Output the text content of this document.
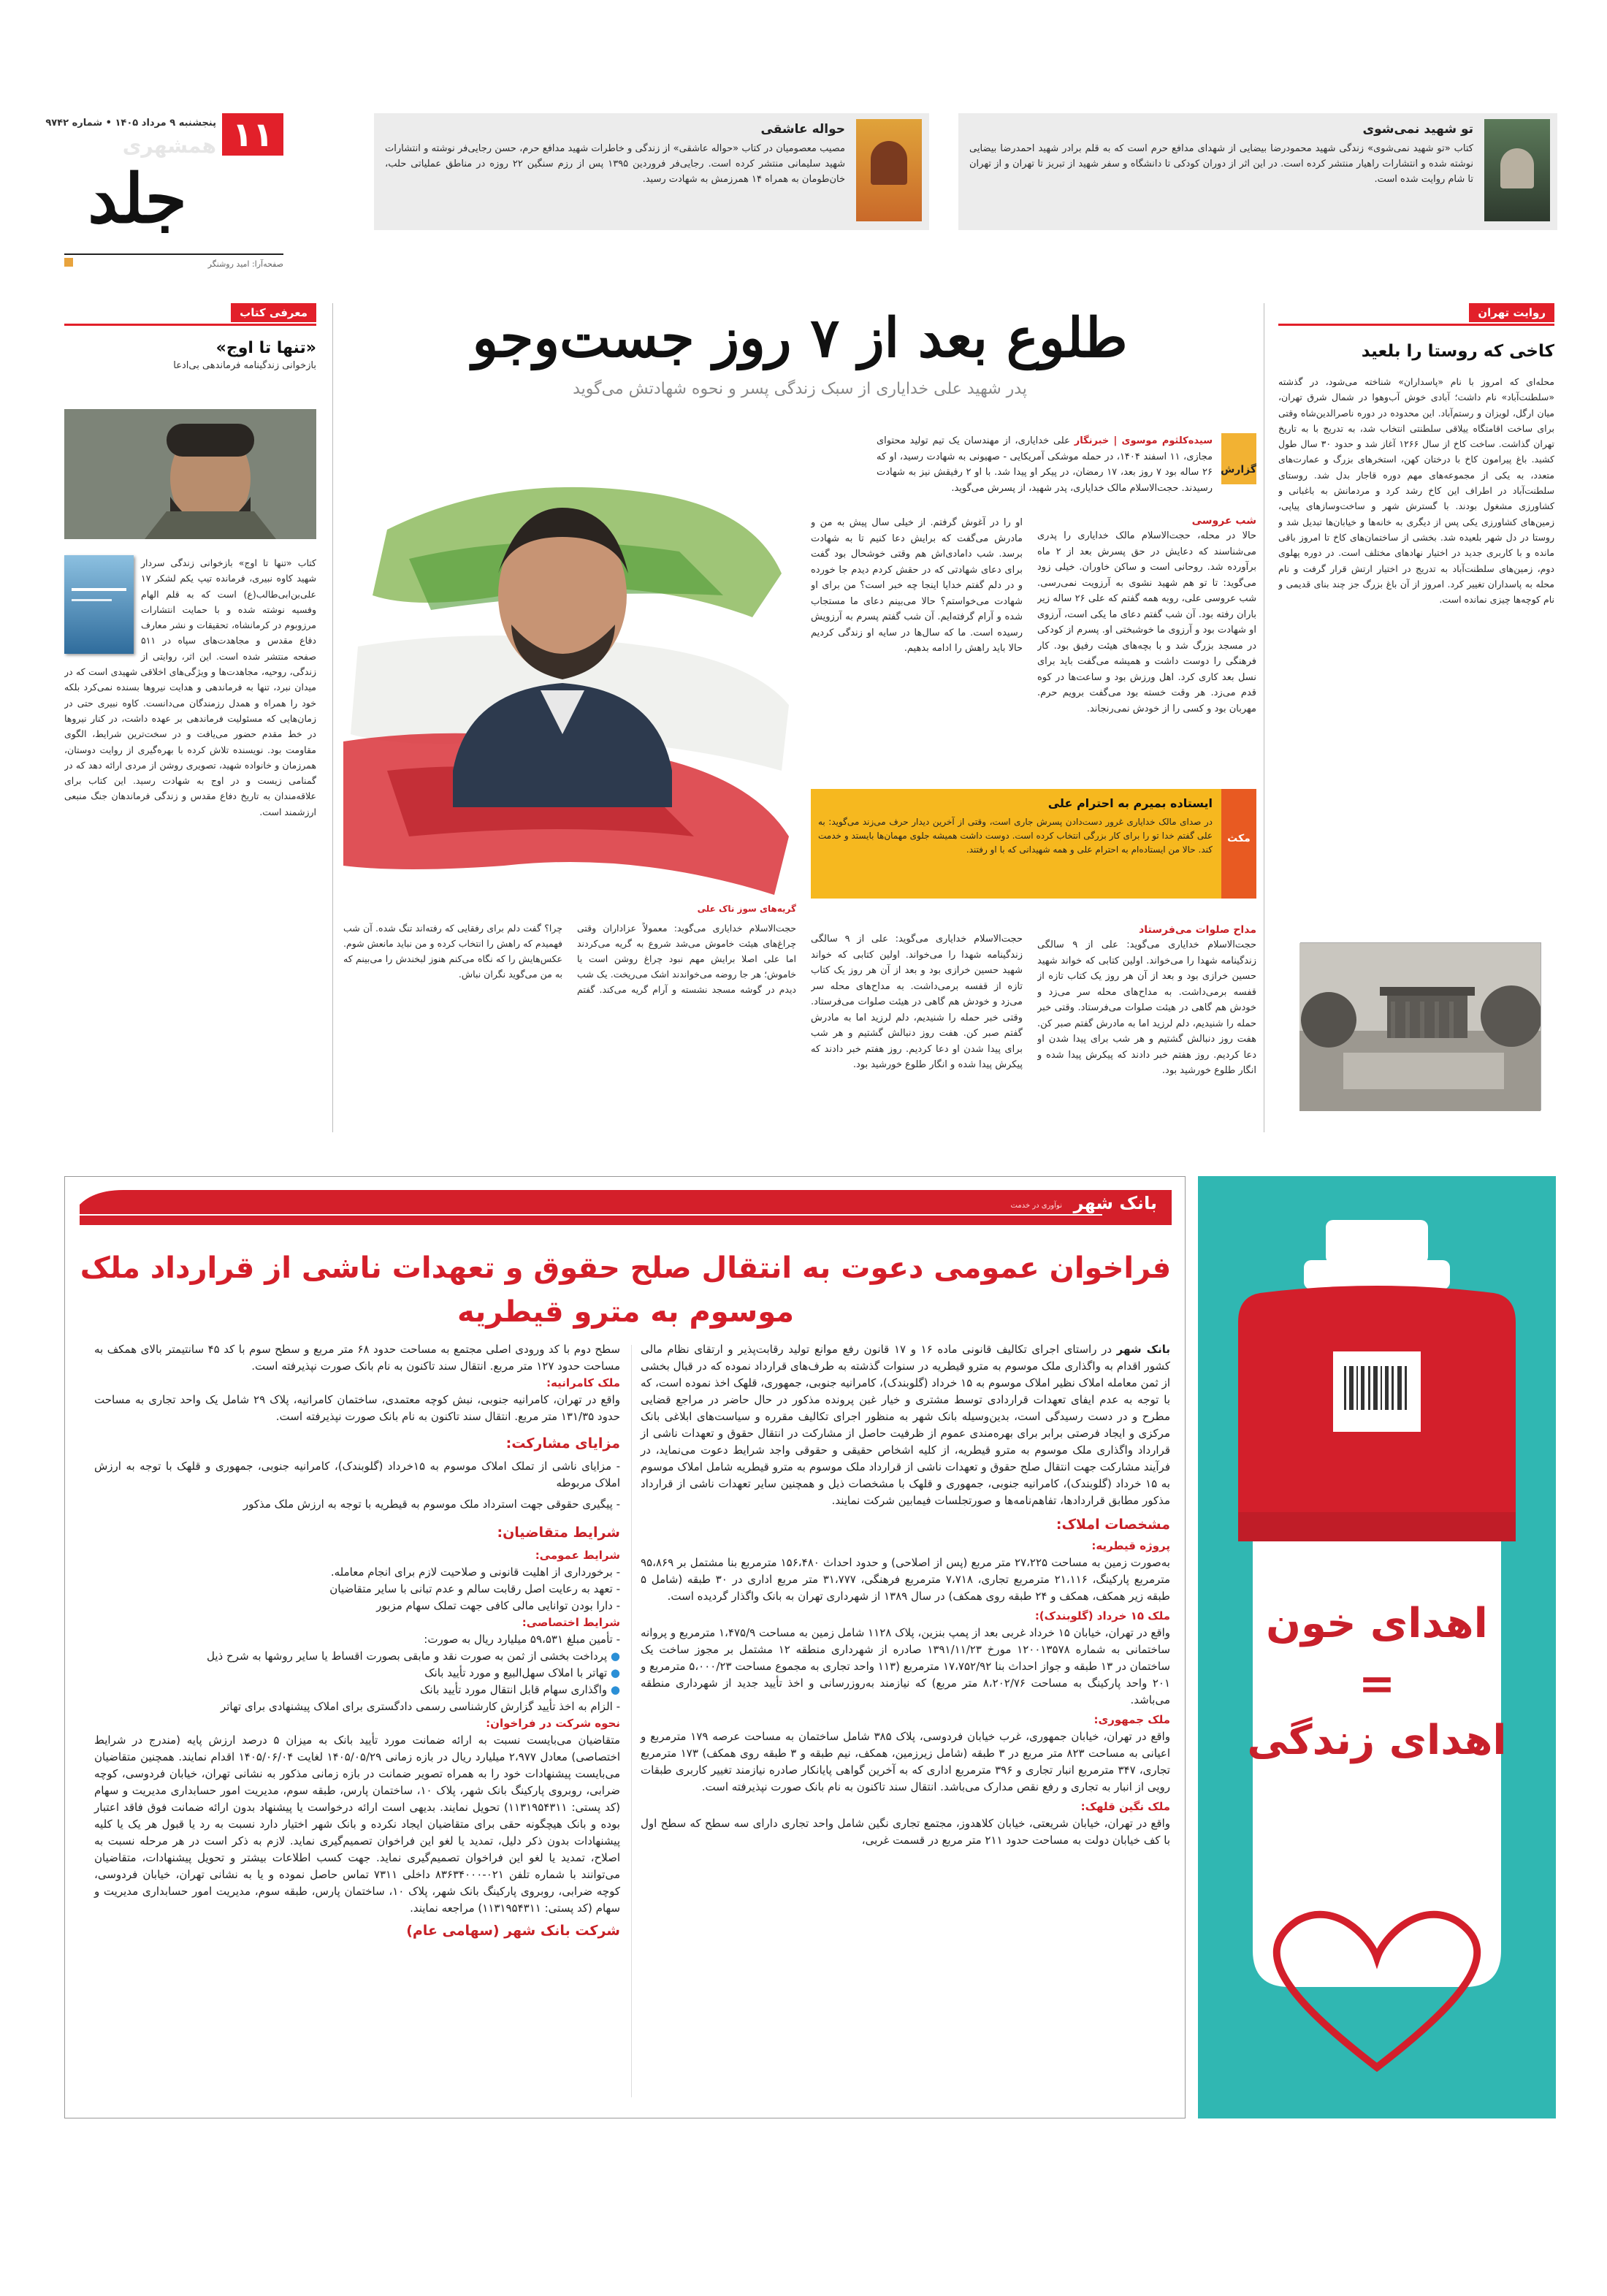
۱۱
پنجشنبه ۹ مرداد ۱۴۰۵ • شماره ۹۷۴۲
همشهری
جلد
صفحه‌آرا: امید روشنگر
حواله عاشقی
مصیب معصومیان در کتاب «حواله عاشقی» از زندگی و خاطرات شهید مدافع حرم، حسن رجایی‌فر نوشته و انتشارات شهید سلیمانی منتشر کرده است. رجایی‌فر فروردین ۱۳۹۵ پس از رزم سنگین ۲۲ روزه در مناطق عملیاتی حلب، خان‌طومان به همراه ۱۴ همرزمش به شهادت رسید.
تو شهید نمی‌شوی
کتاب «تو شهید نمی‌شوی» زندگی شهید محمودرضا بیضایی از شهدای مدافع حرم است که به قلم برادر شهید احمدرضا بیضایی نوشته شده و انتشارات راهیار منتشر کرده است. در این اثر از دوران کودکی تا دانشگاه و سفر شهید از تبریز تا تهران و از تهران تا شام روایت شده است.
روایت تهران
کاخی که روستا را بلعید
محله‌ای که امروز با نام «پاسداران» شناخته می‌شود، در گذشته «سلطنت‌آباد» نام داشت؛ آبادی خوش آب‌وهوا در شمال شرق تهران، میان ارگل، لویزان و رستم‌آباد. این محدوده در دوره ناصرالدین‌شاه وقتی برای ساخت اقامتگاه ییلاقی سلطنتی انتخاب شد، به تدریج با به تاریخ تهران گذاشت. ساخت کاخ از سال ۱۲۶۶ آغاز شد و حدود ۳۰ سال طول کشید. باغ پیرامون کاخ با درختان کهن، استخرهای بزرگ و عمارت‌های متعدد، به یکی از مجموعه‌های مهم دوره قاجار بدل شد. روستای سلطنت‌آباد در اطراف این کاخ رشد کرد و مردمانش به باغبانی و کشاورزی مشغول بودند. با گسترش شهر و ساخت‌وسازهای پیاپی، زمین‌های کشاورزی یکی پس از دیگری به خانه‌ها و خیابان‌ها تبدیل شد و روستا در دل شهر بلعیده شد. بخشی از ساختمان‌های کاخ تا امروز باقی مانده و با کاربری جدید در اختیار نهادهای مختلف است. در دوره پهلوی دوم، زمین‌های سلطنت‌آباد به تدریج در اختیار ارتش قرار گرفت و نام محله به پاسداران تغییر کرد. امروز از آن باغ بزرگ جز چند بنای قدیمی و نام کوچه‌ها چیزی نمانده است.
معرفی کتاب
«تنها تا اوج»
بازخوانی زندگینامه فرماندهی بی‌ادعا
کتاب «تنها تا اوج» بازخوانی زندگی سردار شهید کاوه نبیری، فرمانده تیپ یکم لشکر ۱۷ علی‌بن‌ابی‌طالب(ع) است که به قلم الهام وفسیه نوشته شده و با حمایت انتشارات مرزوبوم در کرمانشاه، تحقیقات و نشر معارف دفاع مقدس و مجاهدت‌های سپاه در ۵۱۱ صفحه منتشر شده است. این اثر، روایتی از زندگی، روحیه، مجاهدت‌ها و ویژگی‌های اخلاقی شهیدی است که در میدان نبرد، تنها به فرماندهی و هدایت نیروها بسنده نمی‌کرد بلکه خود را همراه و همدل رزمندگان می‌دانست. کاوه نبیری حتی در زمان‌هایی که مسئولیت فرماندهی بر عهده داشت، در کنار نیروها در خط مقدم حضور می‌یافت و در سخت‌ترین شرایط، الگوی مقاومت بود. نویسنده تلاش کرده با بهره‌گیری از روایت دوستان، همرزمان و خانواده شهید، تصویری روشن از مردی ارائه دهد که در گمنامی زیست و در اوج به شهادت رسید. این کتاب برای علاقه‌مندان به تاریخ دفاع مقدس و زندگی فرماندهان جنگ منبعی ارزشمند است.
طلوع بعد از ۷ روز جست‌وجو
پدر شهید علی خدایاری از سبک زندگی پسر و نحوه شهادتش می‌گوید
گزارش
سیده‌کلثوم موسوی | خبرنگار علی خدایاری، از مهندسان یک تیم تولید محتوای مجازی، ۱۱ اسفند ۱۴۰۴، در حمله موشکی آمریکایی - صهیونی به شهادت رسید، او که ۲۶ ساله بود ۷ روز بعد، ۱۷ رمضان، در پیکر او پیدا شد. با او ۲ رفیقش نیز به شهادت رسیدند. حجت‌الاسلام مالک خدایاری، پدر شهید، از پسرش می‌گوید.
شب عروسی
حالا در محله، حجت‌الاسلام مالک خدایاری را پدری می‌شناسند که دعایش در حق پسرش بعد از ۲ ماه برآورده شد. روحانی است و ساکن خاوران. خیلی زود می‌گوید: تا تو هم شهید نشوی به آرزویت نمی‌رسی. شب عروسی علی، روبه همه گفتم که علی ۲۶ ساله زیر باران رفته بود. آن شب گفتم دعای ما یکی است، آرزوی او شهادت بود و آرزوی ما خوشبختی او. پسرم از کودکی در مسجد بزرگ شد و با بچه‌های هیئت رفیق بود. کار فرهنگی را دوست داشت و همیشه می‌گفت باید برای نسل بعد کاری کرد. اهل ورزش بود و ساعت‌ها در کوه قدم می‌زد. هر وقت خسته بود می‌گفت برویم حرم. مهربان بود و کسی را از خودش نمی‌رنجاند.
او را در آغوش گرفتم. از خیلی سال پیش به من و مادرش می‌گفت که برایش دعا کنیم تا به شهادت برسد. شب دامادی‌اش هم وقتی خوشحال بود گفت برای دعای شهادتی که در حقش کردم دیدم جا خورده و در دلم گفتم خدایا اینجا چه خبر است؟ من برای او شهادت می‌خواستم؟ حالا می‌بینم دعای ما مستجاب شده و آرام گرفته‌ایم. آن شب گفتم پسرم به آرزویش رسیده است. ما که سال‌ها در سایه او زندگی کردیم حالا باید راهش را ادامه بدهیم.
مکث
ایستاده بمیرم به احترام علی
در صدای مالک خدایاری غرور دست‌دادن پسرش جاری است، وقتی از آخرین دیدار حرف می‌زند می‌گوید: به علی گفتم خدا تو را برای کار بزرگی انتخاب کرده است. دوست داشت همیشه جلوی مهمان‌ها بایستد و خدمت کند. حالا من ایستاده‌ام به احترام علی و همه شهیدانی که با او رفتند.
مداح صلوات می‌فرستاد
حجت‌الاسلام خدایاری می‌گوید: علی از ۹ سالگی زندگینامه شهدا را می‌خواند. اولین کتابی که خواند شهید حسین خرازی بود و بعد از آن هر روز یک کتاب تازه از قفسه برمی‌داشت. به مداح‌های محله سر می‌زد و خودش هم گاهی در هیئت صلوات می‌فرستاد. وقتی خبر حمله را شنیدیم، دلم لرزید اما به مادرش گفتم صبر کن. هفت روز دنبالش گشتیم و هر شب برای پیدا شدن او دعا کردیم. روز هفتم خبر دادند که پیکرش پیدا شده و انگار طلوع خورشید بود.
حجت‌الاسلام خدایاری می‌گوید: علی از ۹ سالگی زندگینامه شهدا را می‌خواند. اولین کتابی که خواند شهید حسین خرازی بود و بعد از آن هر روز یک کتاب تازه از قفسه برمی‌داشت. به مداح‌های محله سر می‌زد و خودش هم گاهی در هیئت صلوات می‌فرستاد. وقتی خبر حمله را شنیدیم، دلم لرزید اما به مادرش گفتم صبر کن. هفت روز دنبالش گشتیم و هر شب برای پیدا شدن او دعا کردیم. روز هفتم خبر دادند که پیکرش پیدا شده و انگار طلوع خورشید بود.
گریه‌های سوز ناک علی
حجت‌الاسلام خدایاری می‌گوید: معمولاً عزاداران وقتی چراغ‌های هیئت خاموش می‌شد شروع به گریه می‌کردند اما علی اصلا برایش مهم نبود چراغ روشن است یا خاموش؛ هر جا روضه می‌خواندند اشک می‌ریخت. یک شب دیدم در گوشه مسجد نشسته و آرام گریه می‌کند. گفتم چرا؟ گفت دلم برای رفقایی که رفته‌اند تنگ شده. آن شب فهمیدم که راهش را انتخاب کرده و من نباید مانعش شوم. عکس‌هایش را که نگاه می‌کنم هنوز لبخندش را می‌بینم که به من می‌گوید نگران نباش.
اهدای خون
=
اهدای زندگی
بانک شهر
نوآوری در خدمت
فراخوان عمومی دعوت به انتقال صلح حقوق و تعهدات ناشی از قرارداد ملک
موسوم به مترو قیطریه
بانک شهر در راستای اجرای تکالیف قانونی ماده ۱۶ و ۱۷ قانون رفع موانع تولید رقابت‌پذیر و ارتقای نظام مالی کشور اقدام به واگذاری ملک موسوم به مترو قیطریه در سنوات گذشته به طرف‌های قرارداد نموده که در قبال بخشی از ثمن معامله املاک نظیر املاک موسوم به ۱۵ خرداد (گلوبندک)، کامرانیه جنوبی، جمهوری، قلهک اخذ نموده است، که با توجه به عدم ایفای تعهدات قراردادی توسط مشتری و خیار غبن پرونده مذکور در حال حاضر در مراجع قضایی مطرح و در دست رسیدگی است، بدین‌وسیله بانک شهر به منظور اجرای تکالیف مقرره و سیاست‌های ابلاغی بانک مرکزی و ایجاد فرصتی برابر برای بهره‌مندی عموم از ظرفیت حاصل از مشارکت در انتقال حقوق و تعهدات ناشی از قرارداد واگذاری ملک موسوم به مترو قیطریه، از کلیه اشخاص حقیقی و حقوقی واجد شرایط دعوت می‌نماید، در فرآیند مشارکت جهت انتقال صلح حقوق و تعهدات ناشی از قرارداد ملک موسوم به مترو قیطریه شامل املاک موسوم به ۱۵ خرداد (گلوبندک)، کامرانیه جنوبی، جمهوری و قلهک با مشخصات ذیل و همچنین سایر تعهدات ناشی از قرارداد مذکور مطابق قراردادها، تفاهم‌نامه‌ها و صورتجلسات فیمابین شرکت نمایند.
مشخصات املاک:
پروژه قیطریه:
به‌صورت زمین به مساحت ۲۷،۲۲۵ متر مربع (پس از اصلاحی) و حدود احداث ۱۵۶،۴۸۰ مترمربع بنا مشتمل بر ۹۵،۸۶۹ مترمربع پارکینگ، ۲۱،۱۱۶ مترمربع تجاری، ۷،۷۱۸ مترمربع فرهنگی، ۳۱،۷۷۷ متر مربع اداری در ۳۰ طبقه (شامل ۵ طبقه زیر همکف، همکف و ۲۴ طبقه روی همکف) در سال ۱۳۸۹ از شهرداری تهران به بانک واگذار گردیده است.
ملک ۱۵ خرداد (گلوبندک):
واقع در تهران، خیابان ۱۵ خرداد غربی بعد از پمپ بنزین، پلاک ۱۱۲۸ شامل زمین به مساحت ۱،۴۷۵/۹ مترمربع و پروانه ساختمانی به شماره ۱۲۰۰۱۳۵۷۸ مورخ ۱۳۹۱/۱۱/۲۳ صادره از شهرداری منطقه ۱۲ مشتمل بر مجوز ساخت یک ساختمان در ۱۳ طبقه و جواز احداث بنا ۱۷،۷۵۲/۹۲ مترمربع (۱۱۳ واحد تجاری به مجموع مساحت ۵،۰۰۰/۲۳ مترمربع و ۲۰۱ واحد پارکینگ به مساحت ۸،۲۰۲/۷۶ متر مربع) که نیازمند به‌روزرسانی و اخذ تأیید جدید از شهرداری منطقه می‌باشد.
ملک جمهوری:
واقع در تهران، خیابان جمهوری، غرب خیابان فردوسی، پلاک ۳۸۵ شامل ساختمان به مساحت عرصه ۱۷۹ مترمربع و اعیانی به مساحت ۸۲۳ متر مربع در ۳ طبقه (شامل زیرزمین، همکف، نیم طبقه و ۳ طبقه روی همکف) ۱۷۳ مترمربع تجاری، ۳۴۷ مترمربع انبار تجاری و ۳۹۶ مترمربع اداری که به آخرین گواهی پایانکار صادره نیازمند تغییر کاربری طبقات رویی از انبار به تجاری و رفع نقص مدارک می‌باشد. انتقال سند تاکنون به نام بانک صورت نپذیرفته است.
ملک نگین قلهک:
واقع در تهران، خیابان شریعتی، خیابان کلاهدوز، مجتمع تجاری نگین شامل واحد تجاری دارای سه سطح که سطح اول با کف خیابان دولت به مساحت حدود ۲۱۱ متر مربع در قسمت غربی،
سطح دوم با کد ورودی اصلی مجتمع به مساحت حدود ۶۸ متر مربع و سطح سوم با کد ۴۵ سانتیمتر بالای همکف به مساحت حدود ۱۲۷ متر مربع. انتقال سند تاکنون به نام بانک صورت نپذیرفته است.
ملک کامرانیه:
واقع در تهران، کامرانیه جنوبی، نبش کوچه معتمدی، ساختمان کامرانیه، پلاک ۲۹ شامل یک واحد تجاری به مساحت حدود ۱۳۱/۳۵ متر مربع. انتقال سند تاکنون به نام بانک صورت نپذیرفته است.
مزایای مشارکت:
- مزایای ناشی از تملک املاک موسوم به ۱۵خرداد (گلوبندک)، کامرانیه جنوبی، جمهوری و قلهک با توجه به ارزش املاک مربوطه
- پیگیری حقوقی جهت استرداد ملک موسوم به قیطریه با توجه به ارزش ملک مذکور
شرایط متقاضیان:
شرایط عمومی:
- برخورداری از اهلیت قانونی و صلاحیت لازم برای انجام معامله.
- تعهد به رعایت اصل رقابت سالم و عدم تبانی با سایر متقاضیان
- دارا بودن توانایی مالی کافی جهت تملک سهام مزبور
شرایط اختصاصی:
- تأمین مبلغ ۵۹،۵۳۱ میلیارد ریال به صورت:
● پرداخت بخشی از ثمن به صورت نقد و مابقی بصورت اقساط یا سایر روشها به شرح ذیل
● تهاتر با املاک سهل‌البیع و مورد تأیید بانک
● واگذاری سهام قابل انتقال مورد تأیید بانک
- الزام به اخذ تأیید گزارش کارشناسی رسمی دادگستری برای املاک پیشنهادی برای تهاتر
نحوه شرکت در فراخوان:
متقاضیان می‌بایست نسبت به ارائه ضمانت مورد تأیید بانک به میزان ۵ درصد ارزش پایه (مندرج در شرایط اختصاصی) معادل ۲،۹۷۷ میلیارد ریال در بازه زمانی ۱۴۰۵/۰۵/۲۹ لغایت ۱۴۰۵/۰۶/۰۴ اقدام نمایند. همچنین متقاضیان می‌بایست پیشنهادات خود را به همراه تصویر ضمانت در بازه زمانی مذکور به نشانی تهران، خیابان فردوسی، کوچه ضرابی، روبروی پارکینگ بانک شهر، پلاک ۱۰، ساختمان پارس، طبقه سوم، مدیریت امور حسابداری مدیریت و سهام (کد پستی: ۱۱۳۱۹۵۴۳۱۱) تحویل نمایند. بدیهی است ارائه درخواست یا پیشنهاد بدون ارائه ضمانت فوق فاقد اعتبار بوده و بانک هیچگونه حقی برای متقاضیان ایجاد نکرده و بانک شهر اختیار دارد نسبت به رد یا قبول هر یک یا کلیه پیشنهادات بدون ذکر دلیل، تمدید یا لغو این فراخوان تصمیم‌گیری نماید. لازم به ذکر است در هر مرحله نسبت به اصلاح، تمدید یا لغو این فراخوان تصمیم‌گیری نماید. جهت کسب اطلاعات بیشتر و تحویل پیشنهادات، متقاضیان می‌توانند با شماره تلفن ۰۲۱-۸۳۶۳۴۰۰۰ داخلی ۷۳۱۱ تماس حاصل نموده و یا به نشانی تهران، خیابان فردوسی، کوچه ضرابی، روبروی پارکینگ بانک شهر، پلاک ۱۰، ساختمان پارس، طبقه سوم، مدیریت امور حسابداری مدیریت و سهام (کد پستی: ۱۱۳۱۹۵۴۳۱۱) مراجعه نمایند.
شرکت بانک شهر (سهامی عام)
